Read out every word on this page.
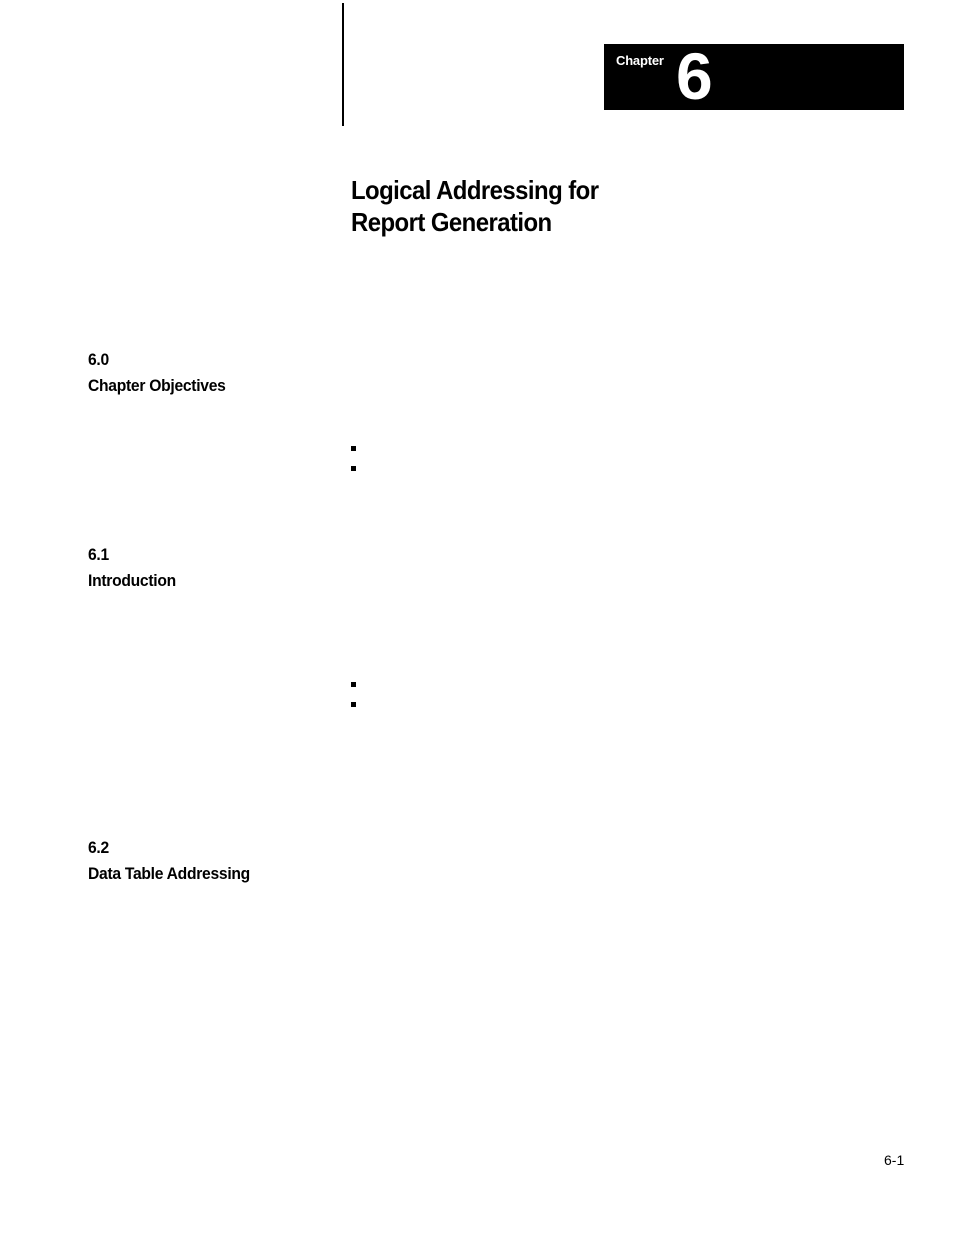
Chapter 6
Logical Addressing for
Report Generation
6.0
Chapter Objectives
6.1
Introduction
6.2
Data Table Addressing
6-1
